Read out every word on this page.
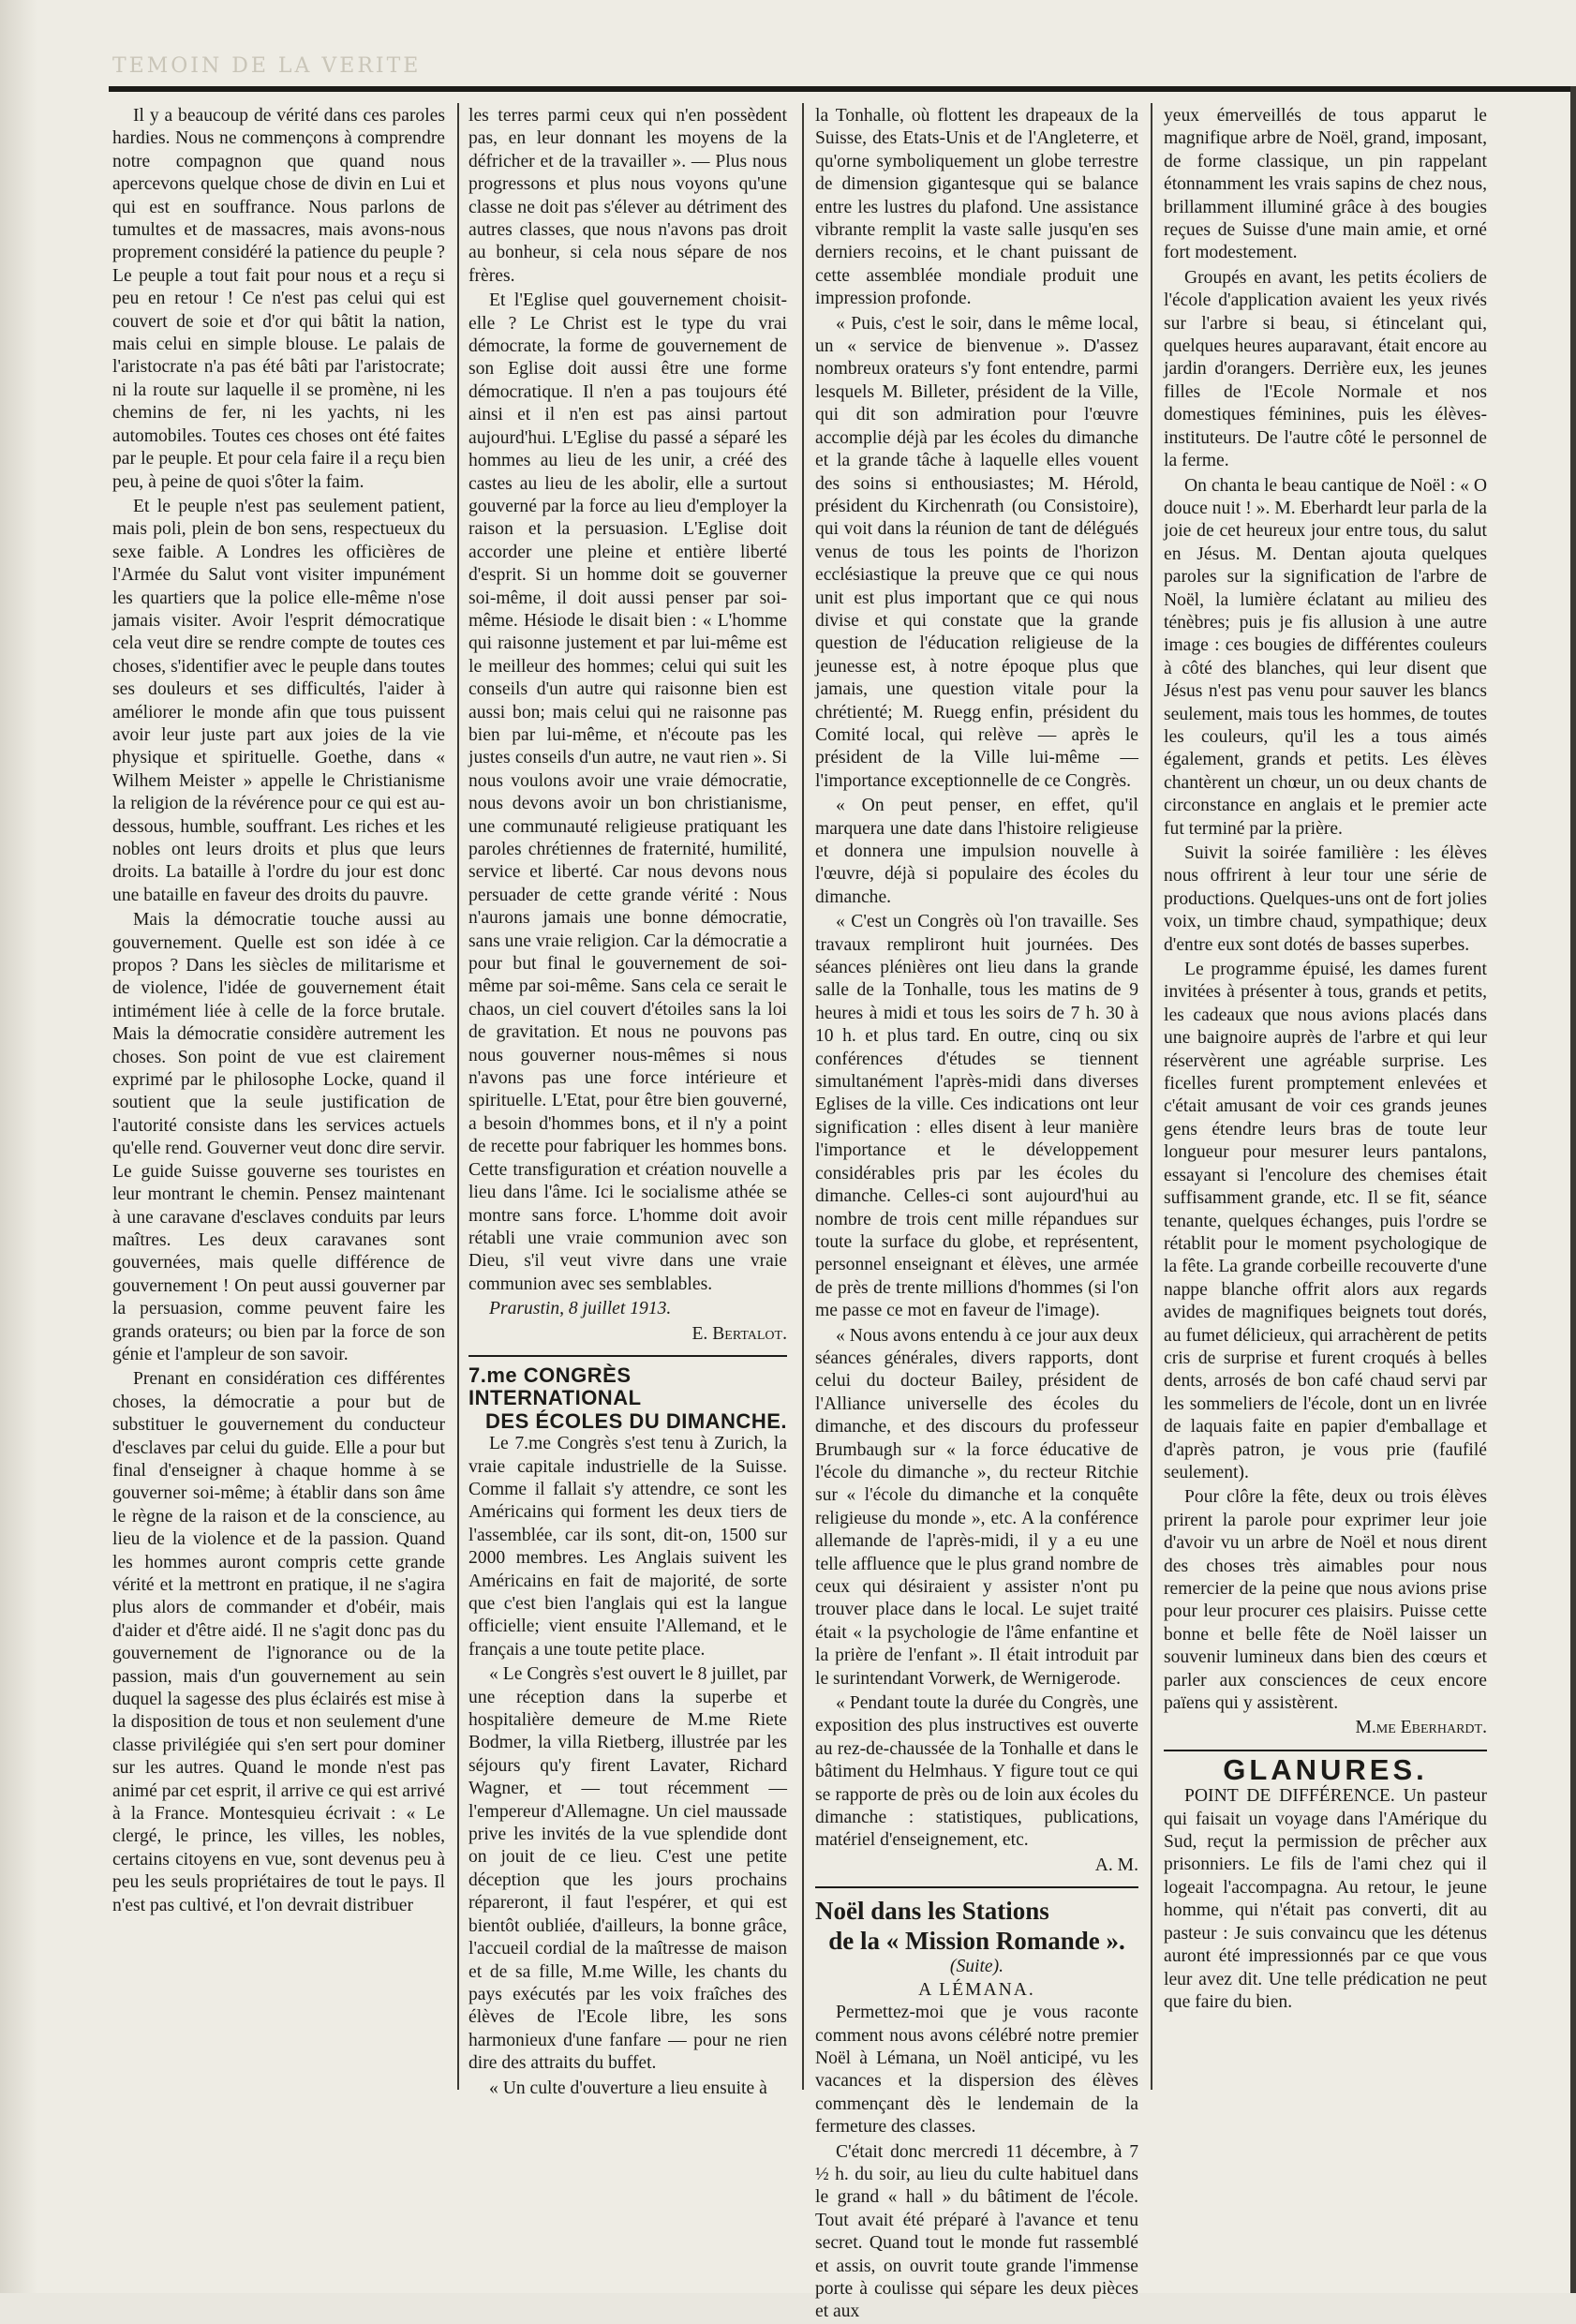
TEMOIN DE LA VERITE

Il y a beaucoup de vérité dans ces paroles hardies. Nous ne commençons à comprendre notre compagnon que quand nous apercevons quelque chose de divin en Lui et qui est en souffrance. Nous parlons de tumultes et de massacres, mais avons-nous proprement considéré la patience du peuple ? Le peuple a tout fait pour nous et a reçu si peu en retour ! Ce n'est pas celui qui est couvert de soie et d'or qui bâtit la nation, mais celui en simple blouse. Le palais de l'aristocrate n'a pas été bâti par l'aristocrate; ni la route sur laquelle il se promène, ni les chemins de fer, ni les yachts, ni les automobiles. Toutes ces choses ont été faites par le peuple. Et pour cela faire il a reçu bien peu, à peine de quoi s'ôter la faim.

Et le peuple n'est pas seulement patient, mais poli, plein de bon sens, respectueux du sexe faible. A Londres les officières de l'Armée du Salut vont visiter impunément les quartiers que la police elle-même n'ose jamais visiter. Avoir l'esprit démocratique cela veut dire se rendre compte de toutes ces choses, s'identifier avec le peuple dans toutes ses douleurs et ses difficultés, l'aider à améliorer le monde afin que tous puissent avoir leur juste part aux joies de la vie physique et spirituelle. Goethe, dans « Wilhem Meister » appelle le Christianisme la religion de la révérence pour ce qui est au-dessous, humble, souffrant. Les riches et les nobles ont leurs droits et plus que leurs droits. La bataille à l'ordre du jour est donc une bataille en faveur des droits du pauvre.

Mais la démocratie touche aussi au gouvernement. Quelle est son idée à ce propos ? Dans les siècles de militarisme et de violence, l'idée de gouvernement était intimément liée à celle de la force brutale. Mais la démocratie considère autrement les choses. Son point de vue est clairement exprimé par le philosophe Locke, quand il soutient que la seule justification de l'autorité consiste dans les services actuels qu'elle rend. Gouverner veut donc dire servir. Le guide Suisse gouverne ses touristes en leur montrant le chemin. Pensez maintenant à une caravane d'esclaves conduits par leurs maîtres. Les deux caravanes sont gouvernées, mais quelle différence de gouvernement ! On peut aussi gouverner par la persuasion, comme peuvent faire les grands orateurs; ou bien par la force de son génie et l'ampleur de son savoir.

Prenant en considération ces différentes choses, la démocratie a pour but de substituer le gouvernement du conducteur d'esclaves par celui du guide. Elle a pour but final d'enseigner à chaque homme à se gouverner soi-même; à établir dans son âme le règne de la raison et de la conscience, au lieu de la violence et de la passion. Quand les hommes auront compris cette grande vérité et la mettront en pratique, il ne s'agira plus alors de commander et d'obéir, mais d'aider et d'être aidé. Il ne s'agit donc pas du gouvernement de l'ignorance ou de la passion, mais d'un gouvernement au sein duquel la sagesse des plus éclairés est mise à la disposition de tous et non seulement d'une classe privilégiée qui s'en sert pour dominer sur les autres. Quand le monde n'est pas animé par cet esprit, il arrive ce qui est arrivé à la France. Montesquieu écrivait : « Le clergé, le prince, les villes, les nobles, certains citoyens en vue, sont devenus peu à peu les seuls propriétaires de tout le pays. Il n'est pas cultivé, et l'on devrait distribuer

les terres parmi ceux qui n'en possèdent pas, en leur donnant les moyens de la défricher et de la travailler ». — Plus nous progressons et plus nous voyons qu'une classe ne doit pas s'élever au détriment des autres classes, que nous n'avons pas droit au bonheur, si cela nous sépare de nos frères.

Et l'Eglise quel gouvernement choisit-elle ? Le Christ est le type du vrai démocrate, la forme de gouvernement de son Eglise doit aussi être une forme démocratique. Il n'en a pas toujours été ainsi et il n'en est pas ainsi partout aujourd'hui. L'Eglise du passé a séparé les hommes au lieu de les unir, a créé des castes au lieu de les abolir, elle a surtout gouverné par la force au lieu d'employer la raison et la persuasion. L'Eglise doit accorder une pleine et entière liberté d'esprit. Si un homme doit se gouverner soi-même, il doit aussi penser par soi-même. Hésiode le disait bien : « L'homme qui raisonne justement et par lui-même est le meilleur des hommes; celui qui suit les conseils d'un autre qui raisonne bien est aussi bon; mais celui qui ne raisonne pas bien par lui-même, et n'écoute pas les justes conseils d'un autre, ne vaut rien ». Si nous voulons avoir une vraie démocratie, nous devons avoir un bon christianisme, une communauté religieuse pratiquant les paroles chrétiennes de fraternité, humilité, service et liberté. Car nous devons nous persuader de cette grande vérité : Nous n'aurons jamais une bonne démocratie, sans une vraie religion. Car la démocratie a pour but final le gouvernement de soi-même par soi-même. Sans cela ce serait le chaos, un ciel couvert d'étoiles sans la loi de gravitation. Et nous ne pouvons pas nous gouverner nous-mêmes si nous n'avons pas une force intérieure et spirituelle. L'Etat, pour être bien gouverné, a besoin d'hommes bons, et il n'y a point de recette pour fabriquer les hommes bons. Cette transfiguration et création nouvelle a lieu dans l'âme. Ici le socialisme athée se montre sans force. L'homme doit avoir rétabli une vraie communion avec son Dieu, s'il veut vivre dans une vraie communion avec ses semblables.

Prarustin, 8 juillet 1913.

E. Bertalot.

7.me CONGRÈS INTERNATIONAL
DES ÉCOLES DU DIMANCHE.

Le 7.me Congrès s'est tenu à Zurich, la vraie capitale industrielle de la Suisse. Comme il fallait s'y attendre, ce sont les Américains qui forment les deux tiers de l'assemblée, car ils sont, dit-on, 1500 sur 2000 membres. Les Anglais suivent les Américains en fait de majorité, de sorte que c'est bien l'anglais qui est la langue officielle; vient ensuite l'Allemand, et le français a une toute petite place.

« Le Congrès s'est ouvert le 8 juillet, par une réception dans la superbe et hospitalière demeure de M.me Riete Bodmer, la villa Rietberg, illustrée par les séjours qu'y firent Lavater, Richard Wagner, et — tout récemment — l'empereur d'Allemagne. Un ciel maussade prive les invités de la vue splendide dont on jouit de ce lieu. C'est une petite déception que les jours prochains répareront, il faut l'espérer, et qui est bientôt oubliée, d'ailleurs, la bonne grâce, l'accueil cordial de la maîtresse de maison et de sa fille, M.me Wille, les chants du pays exécutés par les voix fraîches des élèves de l'Ecole libre, les sons harmonieux d'une fanfare — pour ne rien dire des attraits du buffet.

« Un culte d'ouverture a lieu ensuite à

la Tonhalle, où flottent les drapeaux de la Suisse, des Etats-Unis et de l'Angleterre, et qu'orne symboliquement un globe terrestre de dimension gigantesque qui se balance entre les lustres du plafond. Une assistance vibrante remplit la vaste salle jusqu'en ses derniers recoins, et le chant puissant de cette assemblée mondiale produit une impression profonde.

« Puis, c'est le soir, dans le même local, un « service de bienvenue ». D'assez nombreux orateurs s'y font entendre, parmi lesquels M. Billeter, président de la Ville, qui dit son admiration pour l'œuvre accomplie déjà par les écoles du dimanche et la grande tâche à laquelle elles vouent des soins si enthousiastes; M. Hérold, président du Kirchenrath (ou Consistoire), qui voit dans la réunion de tant de délégués venus de tous les points de l'horizon ecclésiastique la preuve que ce qui nous unit est plus important que ce qui nous divise et qui constate que la grande question de l'éducation religieuse de la jeunesse est, à notre époque plus que jamais, une question vitale pour la chrétienté; M. Ruegg enfin, président du Comité local, qui relève — après le président de la Ville lui-même — l'importance exceptionnelle de ce Congrès.

« On peut penser, en effet, qu'il marquera une date dans l'histoire religieuse et donnera une impulsion nouvelle à l'œuvre, déjà si populaire des écoles du dimanche.

« C'est un Congrès où l'on travaille. Ses travaux rempliront huit journées. Des séances plénières ont lieu dans la grande salle de la Tonhalle, tous les matins de 9 heures à midi et tous les soirs de 7 h. 30 à 10 h. et plus tard. En outre, cinq ou six conférences d'études se tiennent simultanément l'après-midi dans diverses Eglises de la ville. Ces indications ont leur signification : elles disent à leur manière l'importance et le développement considérables pris par les écoles du dimanche. Celles-ci sont aujourd'hui au nombre de trois cent mille répandues sur toute la surface du globe, et représentent, personnel enseignant et élèves, une armée de près de trente millions d'hommes (si l'on me passe ce mot en faveur de l'image).

« Nous avons entendu à ce jour aux deux séances générales, divers rapports, dont celui du docteur Bailey, président de l'Alliance universelle des écoles du dimanche, et des discours du professeur Brumbaugh sur « la force éducative de l'école du dimanche », du recteur Ritchie sur « l'école du dimanche et la conquête religieuse du monde », etc. A la conférence allemande de l'après-midi, il y a eu une telle affluence que le plus grand nombre de ceux qui désiraient y assister n'ont pu trouver place dans le local. Le sujet traité était « la psychologie de l'âme enfantine et la prière de l'enfant ». Il était introduit par le surintendant Vorwerk, de Wernigerode.

« Pendant toute la durée du Congrès, une exposition des plus instructives est ouverte au rez-de-chaussée de la Tonhalle et dans le bâtiment du Helmhaus. Y figure tout ce qui se rapporte de près ou de loin aux écoles du dimanche : statistiques, publications, matériel d'enseignement, etc.

A. M.

Noël dans les Stations
de la « Mission Romande ».
(Suite).
A LÉMANA.

Permettez-moi que je vous raconte comment nous avons célébré notre premier Noël à Lémana, un Noël anticipé, vu les vacances et la dispersion des élèves commençant dès le lendemain de la fermeture des classes.

C'était donc mercredi 11 décembre, à 7 ½ h. du soir, au lieu du culte habituel dans le grand « hall » du bâtiment de l'école. Tout avait été préparé à l'avance et tenu secret. Quand tout le monde fut rassemblé et assis, on ouvrit toute grande l'immense porte à coulisse qui sépare les deux pièces et aux

yeux émerveillés de tous apparut le magnifique arbre de Noël, grand, imposant, de forme classique, un pin rappelant étonnamment les vrais sapins de chez nous, brillamment illuminé grâce à des bougies reçues de Suisse d'une main amie, et orné fort modestement.

Groupés en avant, les petits écoliers de l'école d'application avaient les yeux rivés sur l'arbre si beau, si étincelant qui, quelques heures auparavant, était encore au jardin d'orangers. Derrière eux, les jeunes filles de l'Ecole Normale et nos domestiques féminines, puis les élèves-instituteurs. De l'autre côté le personnel de la ferme.

On chanta le beau cantique de Noël : « O douce nuit ! ». M. Eberhardt leur parla de la joie de cet heureux jour entre tous, du salut en Jésus. M. Dentan ajouta quelques paroles sur la signification de l'arbre de Noël, la lumière éclatant au milieu des ténèbres; puis je fis allusion à une autre image : ces bougies de différentes couleurs à côté des blanches, qui leur disent que Jésus n'est pas venu pour sauver les blancs seulement, mais tous les hommes, de toutes les couleurs, qu'il les a tous aimés également, grands et petits. Les élèves chantèrent un chœur, un ou deux chants de circonstance en anglais et le premier acte fut terminé par la prière.

Suivit la soirée familière : les élèves nous offrirent à leur tour une série de productions. Quelques-uns ont de fort jolies voix, un timbre chaud, sympathique; deux d'entre eux sont dotés de basses superbes.

Le programme épuisé, les dames furent invitées à présenter à tous, grands et petits, les cadeaux que nous avions placés dans une baignoire auprès de l'arbre et qui leur réservèrent une agréable surprise. Les ficelles furent promptement enlevées et c'était amusant de voir ces grands jeunes gens étendre leurs bras de toute leur longueur pour mesurer leurs pantalons, essayant si l'encolure des chemises était suffisamment grande, etc. Il se fit, séance tenante, quelques échanges, puis l'ordre se rétablit pour le moment psychologique de la fête. La grande corbeille recouverte d'une nappe blanche offrit alors aux regards avides de magnifiques beignets tout dorés, au fumet délicieux, qui arrachèrent de petits cris de surprise et furent croqués à belles dents, arrosés de bon café chaud servi par les sommeliers de l'école, dont un en livrée de laquais faite en papier d'emballage et d'après patron, je vous prie (faufilé seulement).

Pour clôre la fête, deux ou trois élèves prirent la parole pour exprimer leur joie d'avoir vu un arbre de Noël et nous dirent des choses très aimables pour nous remercier de la peine que nous avions prise pour leur procurer ces plaisirs. Puisse cette bonne et belle fête de Noël laisser un souvenir lumineux dans bien des cœurs et parler aux consciences de ceux encore païens qui y assistèrent.

M.me Eberhardt.

GLANURES.

POINT DE DIFFÉRENCE. Un pasteur qui faisait un voyage dans l'Amérique du Sud, reçut la permission de prêcher aux prisonniers. Le fils de l'ami chez qui il logeait l'accompagna. Au retour, le jeune homme, qui n'était pas converti, dit au pasteur : Je suis convaincu que les détenus auront été impressionnés par ce que vous leur avez dit. Une telle prédication ne peut que faire du bien.
